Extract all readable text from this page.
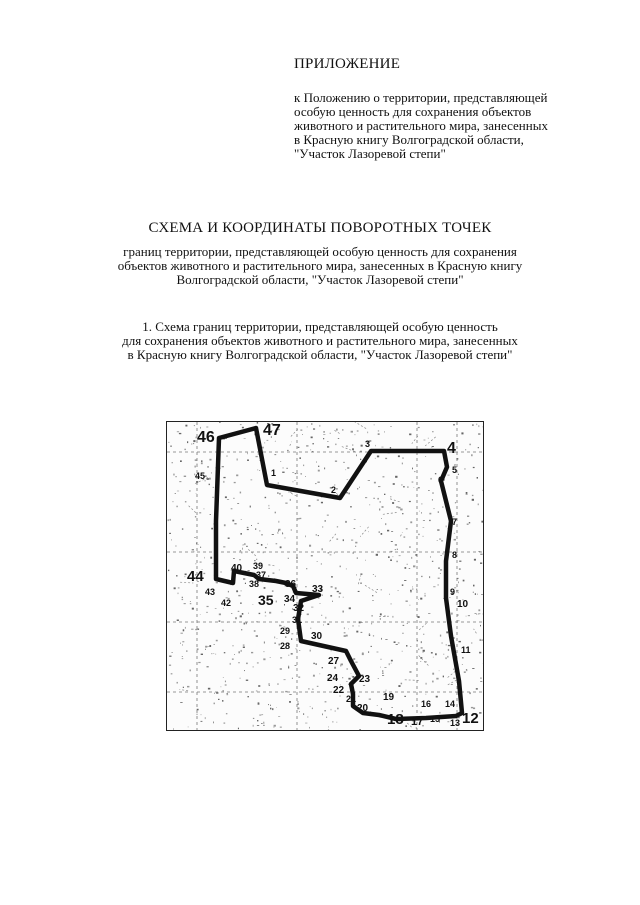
ПРИЛОЖЕНИЕ
к Положению о территории, представляющей
особую ценность для сохранения объектов
животного и растительного мира, занесенных
в Красную книгу Волгоградской области,
"Участок Лазоревой степи"
СХЕМА И КООРДИНАТЫ ПОВОРОТНЫХ ТОЧЕК
границ территории, представляющей особую ценность для сохранения
объектов животного и растительного мира, занесенных в Красную книгу
Волгоградской области, "Участок Лазоревой степи"
1. Схема границ территории, представляющей особую ценность
для сохранения объектов животного и растительного мира, занесенных
в Красную книгу Волгоградской области, "Участок Лазоревой степи"
1
2
3	4
5
6
7
8
9
10
11
12
13
14
15
16
17
18
19
20
21
22
23
24
27
28
29 30
31
32
33
34
35
36
37
38
39
40
42
43
44
45
46	47
